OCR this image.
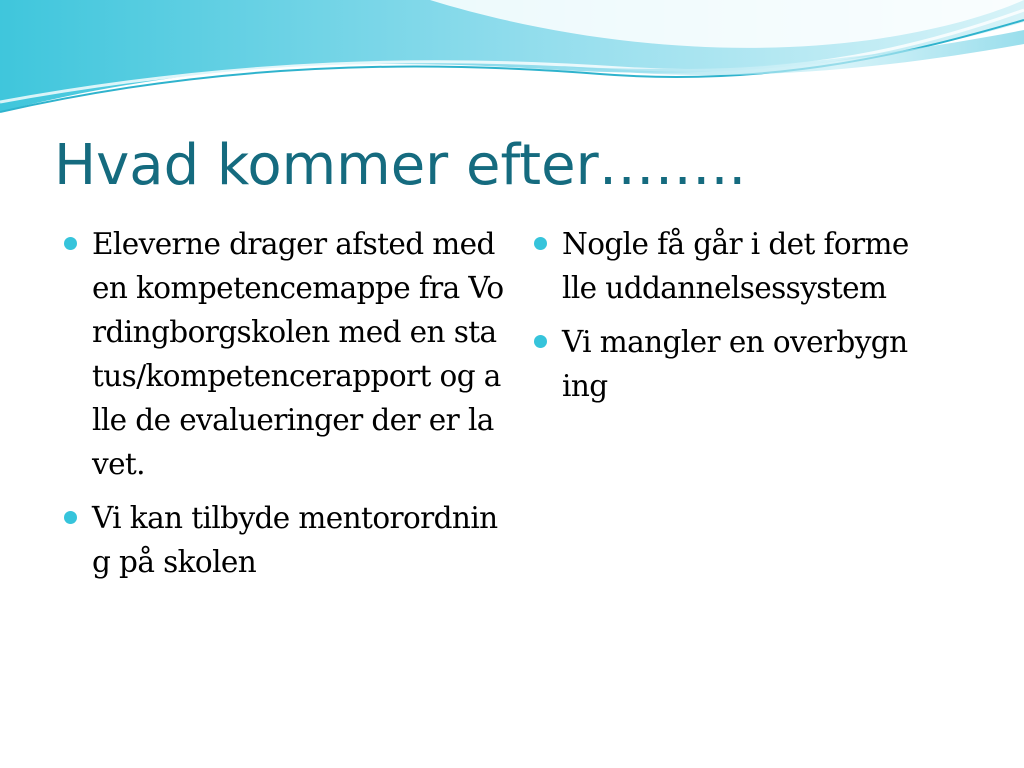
Hvad kommer efter……..
Eleverne drager afsted med en kompetencemappe fra Vordingborgskolen med en status/kompetencerapport og alle de evalueringer der er lavet.
Vi kan tilbyde mentorordning på skolen
Nogle få går i det formelle uddannelsessystem
Vi mangler en overbygning
